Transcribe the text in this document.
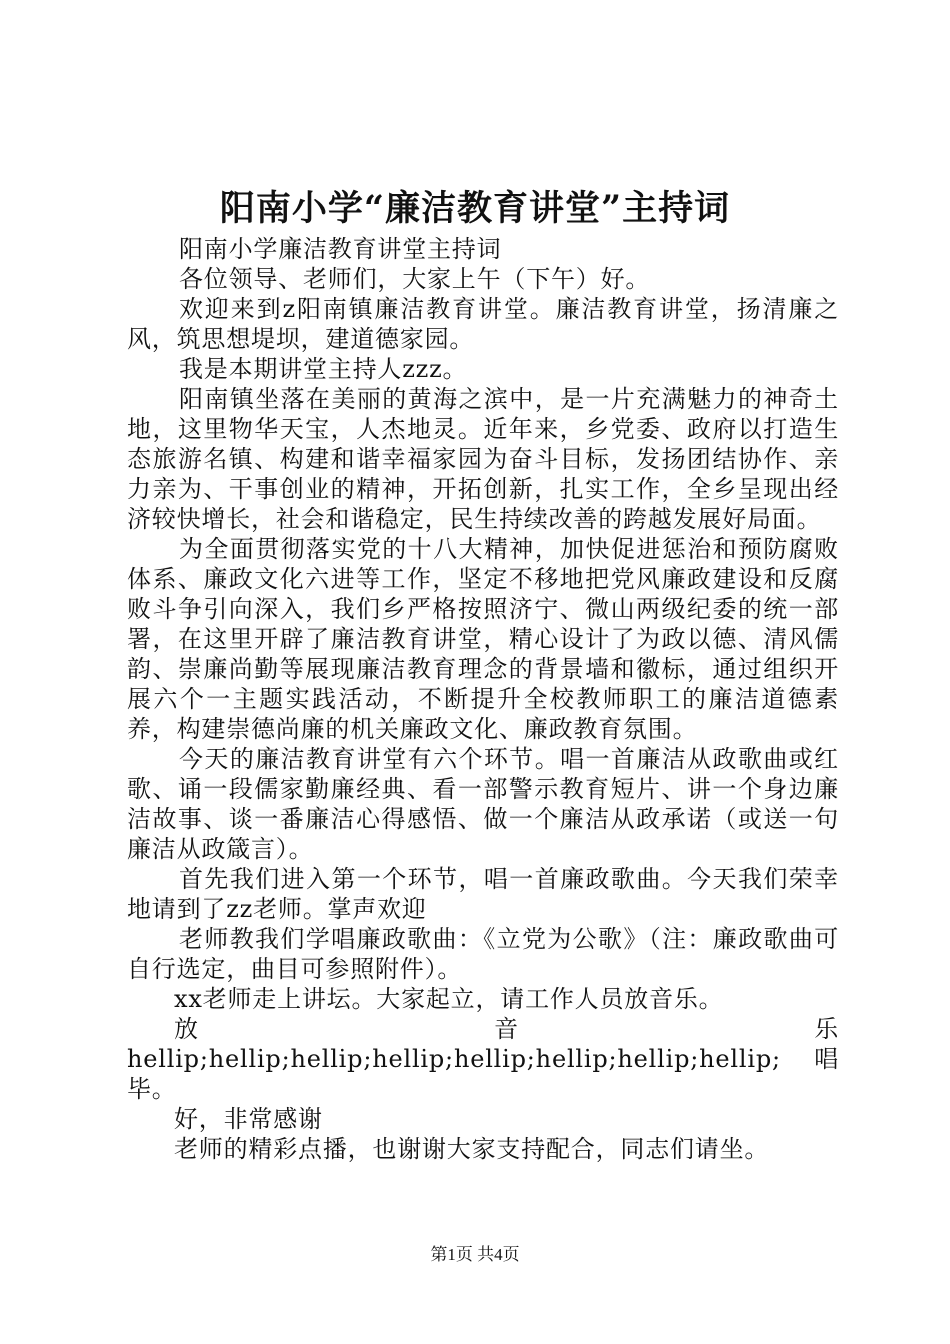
阳南小学“廉洁教育讲堂”主持词

阳南小学廉洁教育讲堂主持词

各位领导、老师们，大家上午（下午）好。

欢迎来到z阳南镇廉洁教育讲堂。廉洁教育讲堂，扬清廉之风，筑思想堤坝，建道德家园。

我是本期讲堂主持人zzz。

阳南镇坐落在美丽的黄海之滨中，是一片充满魅力的神奇土地，这里物华天宝，人杰地灵。近年来，乡党委、政府以打造生态旅游名镇、构建和谐幸福家园为奋斗目标，发扬团结协作、亲力亲为、干事创业的精神，开拓创新，扎实工作，全乡呈现出经济较快增长，社会和谐稳定，民生持续改善的跨越发展好局面。

为全面贯彻落实党的十八大精神，加快促进惩治和预防腐败体系、廉政文化六进等工作，坚定不移地把党风廉政建设和反腐败斗争引向深入，我们乡严格按照济宁、微山两级纪委的统一部署，在这里开辟了廉洁教育讲堂，精心设计了为政以德、清风儒韵、崇廉尚勤等展现廉洁教育理念的背景墙和徽标，通过组织开展六个一主题实践活动，不断提升全校教师职工的廉洁道德素养，构建崇德尚廉的机关廉政文化、廉政教育氛围。

今天的廉洁教育讲堂有六个环节。唱一首廉洁从政歌曲或红歌、诵一段儒家勤廉经典、看一部警示教育短片、讲一个身边廉洁故事、谈一番廉洁心得感悟、做一个廉洁从政承诺（或送一句廉洁从政箴言）。

首先我们进入第一个环节，唱一首廉政歌曲。今天我们荣幸地请到了zz老师。掌声欢迎

老师教我们学唱廉政歌曲：《立党为公歌》（注：廉政歌曲可自行选定，曲目可参照附件）。

xx老师走上讲坛。大家起立，请工作人员放音乐。

放音乐hellip;hellip;hellip;hellip;hellip;hellip;hellip;hellip;唱毕。

好，非常感谢

老师的精彩点播，也谢谢大家支持配合，同志们请坐。

第1页 共4页
